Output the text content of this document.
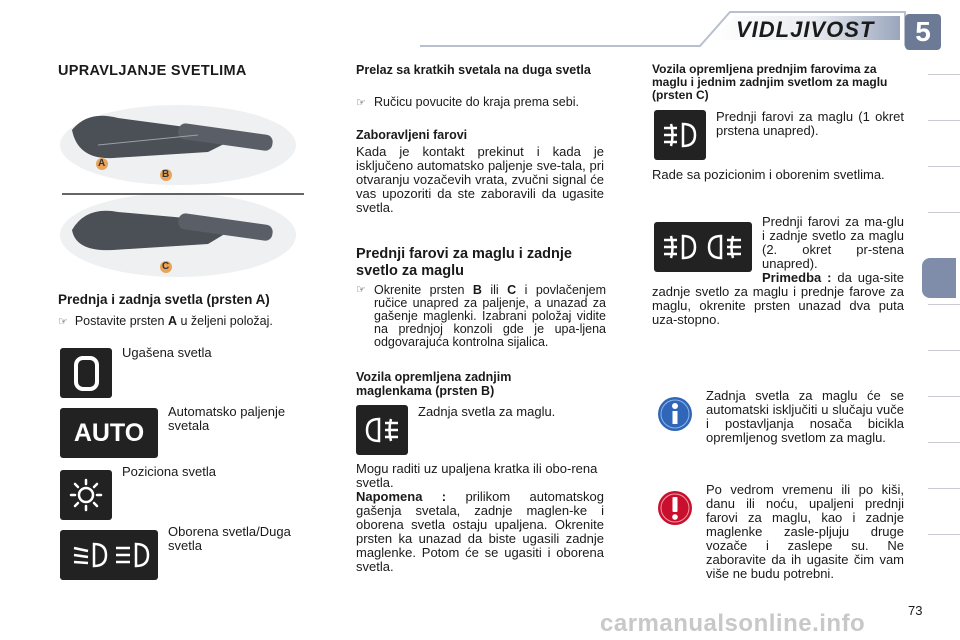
VIDLJIVOST	5
UPRAVLJANJE SVETLIMA
A
B
C
Prednja i zadnja svetla (prsten A)
☞ Postavite prsten A u željeni položaj.
Ugašena svetla
AUTO
Automatsko paljenje svetala
Poziciona svetla
Oborena svetla/Duga svetla
Prelaz sa kratkih svetala na duga svetla
☞ Ručicu povucite do kraja prema sebi.
Zaboravljeni farovi
Kada je kontakt prekinut i kada je isključeno automatsko paljenje sve-tala, pri otvaranju vozačevih vrata, zvučni signal će vas upozoriti da ste zaboravili da ugasite svetla.
Prednji farovi za maglu i zadnje svetlo za maglu
☞ Okrenite prsten B ili C i povlačenjem ručice unapred za paljenje, a unazad za gašenje maglenki. Izabrani položaj vidite na prednjoj konzoli gde je upa-ljena odgovarajuća kontrolna sijalica.
Vozila opremljena zadnjim maglenkama (prsten B)
Zadnja svetla za maglu.
Mogu raditi uz upaljena kratka ili obo-rena svetla.
Napomena : prilikom automatskog gašenja svetala, zadnje maglen-ke i oborena svetla ostaju upaljena. Okrenite prsten ka unazad da biste ugasili zadnje maglenke. Potom će se ugasiti i oborena svetla.
Vozila opremljena prednjim farovima za maglu i jednim zadnjim svetlom za maglu (prsten C)
Prednji farovi za maglu (1 okret prstena unapred).
Rade sa pozicionim i oborenim svetlima.
Prednji farovi za ma-glu i zadnje svetlo za maglu (2. okret pr-stena unapred).
Primedba : da uga-site zadnje svetlo za maglu i prednje farove za maglu, okrenite prsten unazad dva puta uza-stopno.
Zadnja svetla za maglu će se automatski isključiti u slučaju vuče i postavljanja nosača bicikla opremljenog svetlom za maglu.
Po vedrom vremenu ili po kiši, danu ili noću, upaljeni prednji farovi za maglu, kao i zadnje maglenke zasle-pljuju druge vozače i zaslepe su. Ne zaboravite da ih ugasite čim vam više ne budu potrebni.
73
carmanualsonline.info
